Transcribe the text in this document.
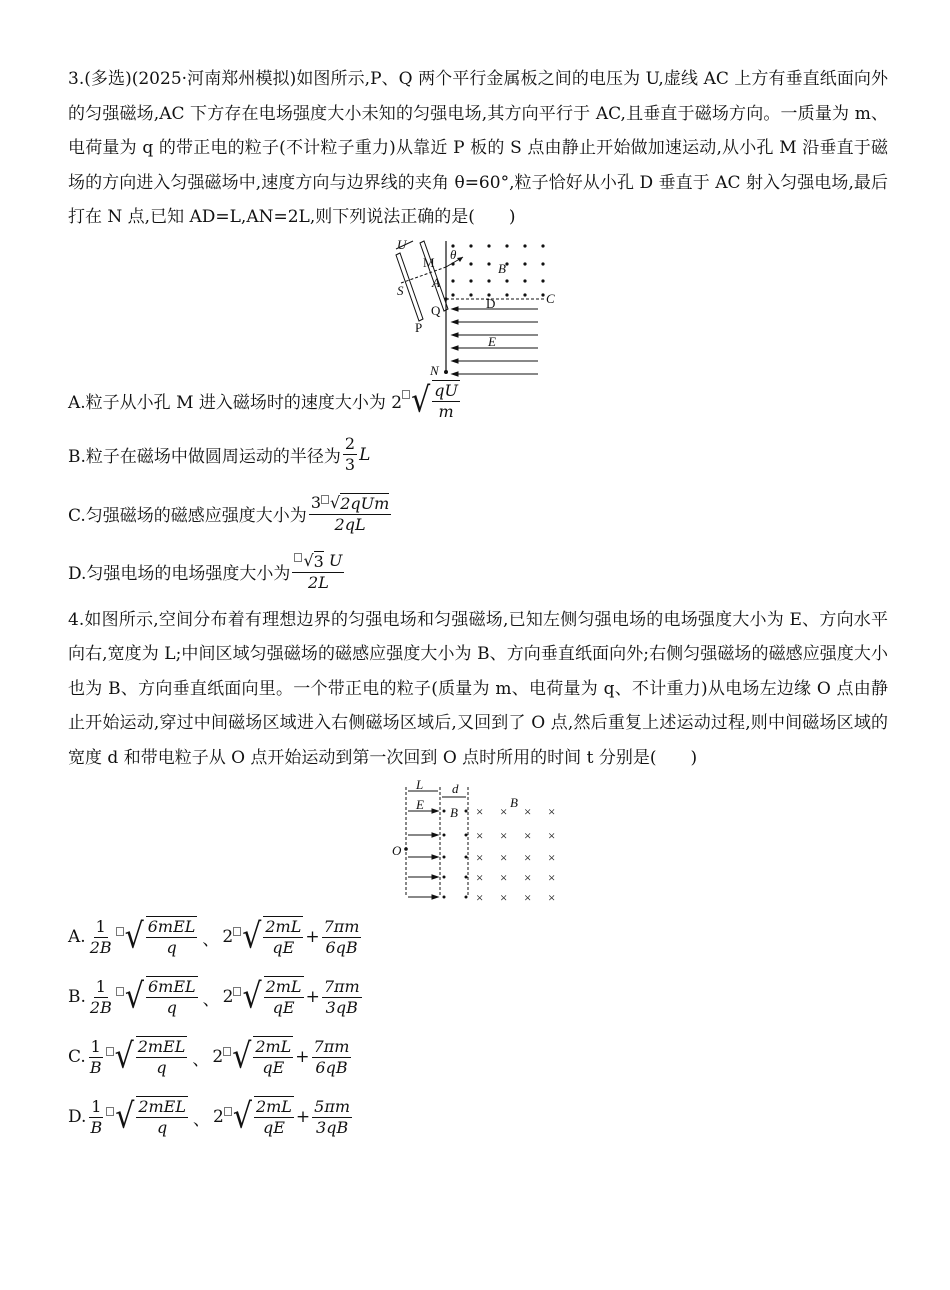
3.(多选)(2025·河南郑州模拟)如图所示,P、Q 两个平行金属板之间的电压为 U,虚线 AC 上方有垂直纸面向外的匀强磁场,AC 下方存在电场强度大小未知的匀强电场,其方向平行于 AC,且垂直于磁场方向。一质量为 m、电荷量为 q 的带正电的粒子(不计粒子重力)从靠近 P 板的 S 点由静止开始做加速运动,从小孔 M 沿垂直于磁场的方向进入匀强磁场中,速度方向与边界线的夹角 θ=60°,粒子恰好从小孔 D 垂直于 AC 射入匀强电场,最后打在 N 点,已知 AD=L,AN=2L,则下列说法正确的是(　　)

U
M
θ
B
S
A
P
Q	D	C
E
N
A.粒子从小孔 M 进入磁场时的速度大小为 2 √ $\frac{qU}{m}$
B.粒子在磁场中做圆周运动的半径为 $\frac{2}{3}$ L
C.匀强磁场的磁感应强度大小为 $\frac{\text{3 √ 2qUm}}{2qL}$
D.匀强电场的电场强度大小为 √ 3
U
2L

4.如图所示,空间分布着有理想边界的匀强电场和匀强磁场,已知左侧匀强电场的电场强度大小为 E、方向水平向右,宽度为 L;中间区域匀强磁场的磁感应强度大小为 B、方向垂直纸面向外;右侧匀强磁场的磁感应强度大小也为 B、方向垂直纸面向里。一个带正电的粒子(质量为 m、电荷量为 q、不计重力)从电场左边缘 O 点由静止开始运动,穿过中间磁场区域进入右侧磁场区域后,又回到了 O 点,然后重复上述运动过程,则中间磁场区域的宽度 d 和带电粒子从 O 点开始运动到第一次回到 O 点时所用的时间 t 分别是(　　)

× × × ×
× × × ×
× × × ×
× × × ×
× × × ×
L d
E
B
B
O
A. $\frac{1}{2B}$ √ $\frac{\text{6mEL}}{q}$ 、 2 √ $\frac{2mL}{qE} + \frac{7\pi m}{6qB}$
B. $\frac{1}{2B}$ √ $\frac{\text{6mEL}}{q}$ 、 2 √ $\frac{2mL}{qE} + \frac{7\pi m}{3qB}$
C. $\frac{1}{B}$ √ $\frac{\text{2mEL}}{q}$ 、 2 √ $\frac{2mL}{qE} + \frac{7\pi m}{6qB}$
D. $\frac{1}{B}$ √ $\frac{\text{2mEL}}{q}$ 、 2 √ $\frac{2mL}{qE} + \frac{5\pi m}{3qB}$
